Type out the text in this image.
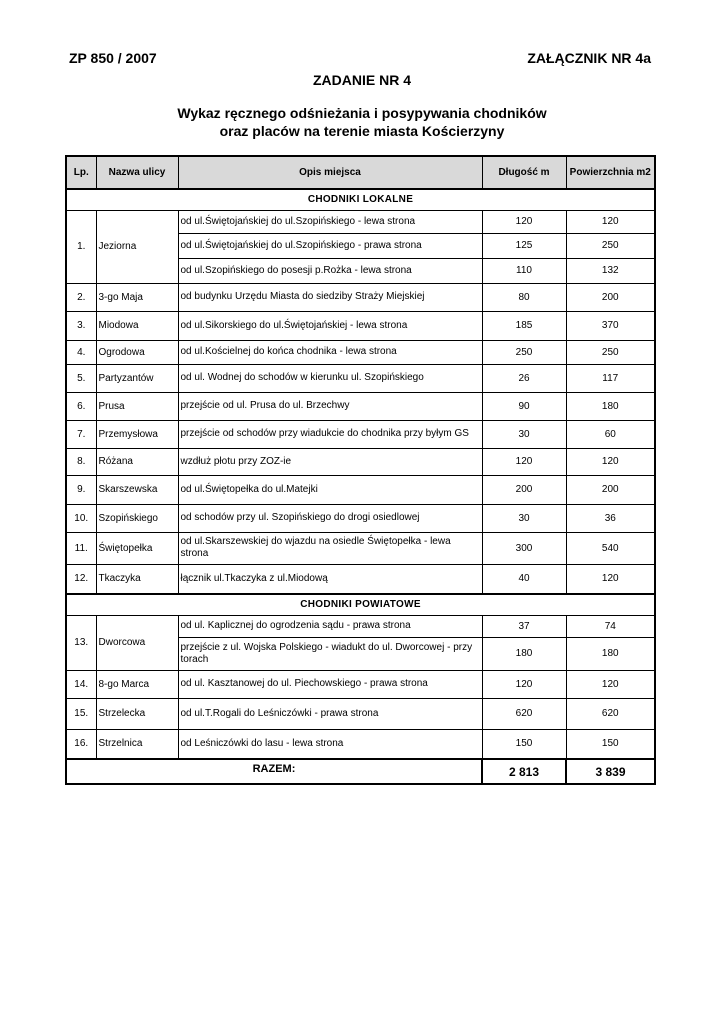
ZP 850 / 2007	ZAŁĄCZNIK NR 4a
ZADANIE NR 4
Wykaz ręcznego odśnieżania i posypywania chodników
oraz placów na terenie miasta Kościerzyny
Lp.	Nazwa ulicy	Opis miejsca	Długość m	Powierzchnia m2
CHODNIKI LOKALNE				
1.	Jeziorna	od ul.Świętojańskiej do ul.Szopińskiego - lewa strona	120	120
		od ul.Świętojańskiej do ul.Szopińskiego - prawa strona	125	250
		od ul.Szopińskiego do posesji p.Rożka - lewa strona	110	132
2.	3-go Maja	od budynku Urzędu Miasta do siedziby Straży Miejskiej	80	200
3.	Miodowa	od ul.Sikorskiego do ul.Świętojańskiej - lewa strona	185	370
4.	Ogrodowa	od ul.Kościelnej do końca chodnika - lewa strona	250	250
5.	Partyzantów	od ul. Wodnej do schodów w kierunku ul. Szopińskiego	26	117
6.	Prusa	przejście od ul. Prusa do ul. Brzechwy	90	180
7.	Przemysłowa	przejście od schodów przy wiadukcie do chodnika przy byłym GS	30	60
8.	Różana	wzdłuż płotu przy ZOZ-ie	120	120
9.	Skarszewska	od ul.Świętopełka do ul.Matejki	200	200
10.	Szopińskiego	od schodów przy ul. Szopińskiego do drogi osiedlowej	30	36
11.	Świętopełka	od ul.Skarszewskiej do wjazdu na osiedle Świętopełka - lewa strona	300	540
12.	Tkaczyka	łącznik ul.Tkaczyka z ul.Miodową	40	120
CHODNIKI POWIATOWE				
13.	Dworcowa	od ul. Kaplicznej do ogrodzenia sądu - prawa strona	37	74
		przejście z ul. Wojska Polskiego - wiadukt do ul. Dworcowej - przy torach	180	180
14.	8-go Marca	od ul. Kasztanowej do ul. Piechowskiego - prawa strona	120	120
15.	Strzelecka	od ul.T.Rogali do Leśniczówki - prawa strona	620	620
16.	Strzelnica	od Leśniczówki do lasu - lewa strona	150	150
RAZEM:			2 813	3 839
